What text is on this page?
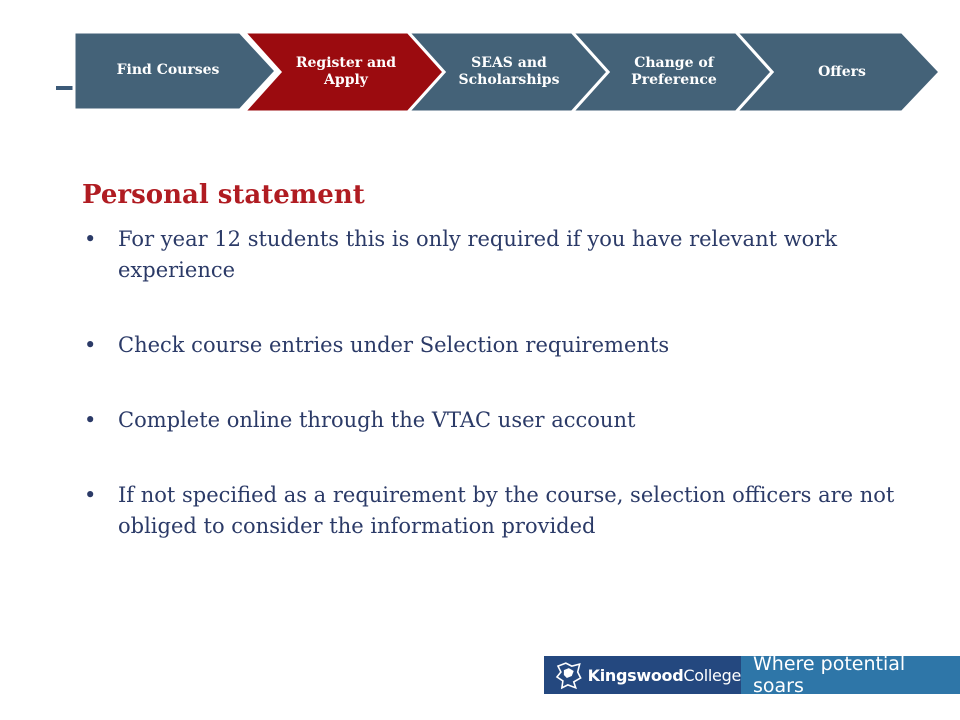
Find Courses	Register and Apply
SEAS and Scholarships
Change of Preference
Offers
Personal statement
• For year 12 students this is only required if you have relevant work experience
• Check course entries under Selection requirements
• Complete online through the VTAC user account
• If not specified as a requirement by the course, selection officers are not obliged to consider the information provided
KingswoodCollege Where potential soars
